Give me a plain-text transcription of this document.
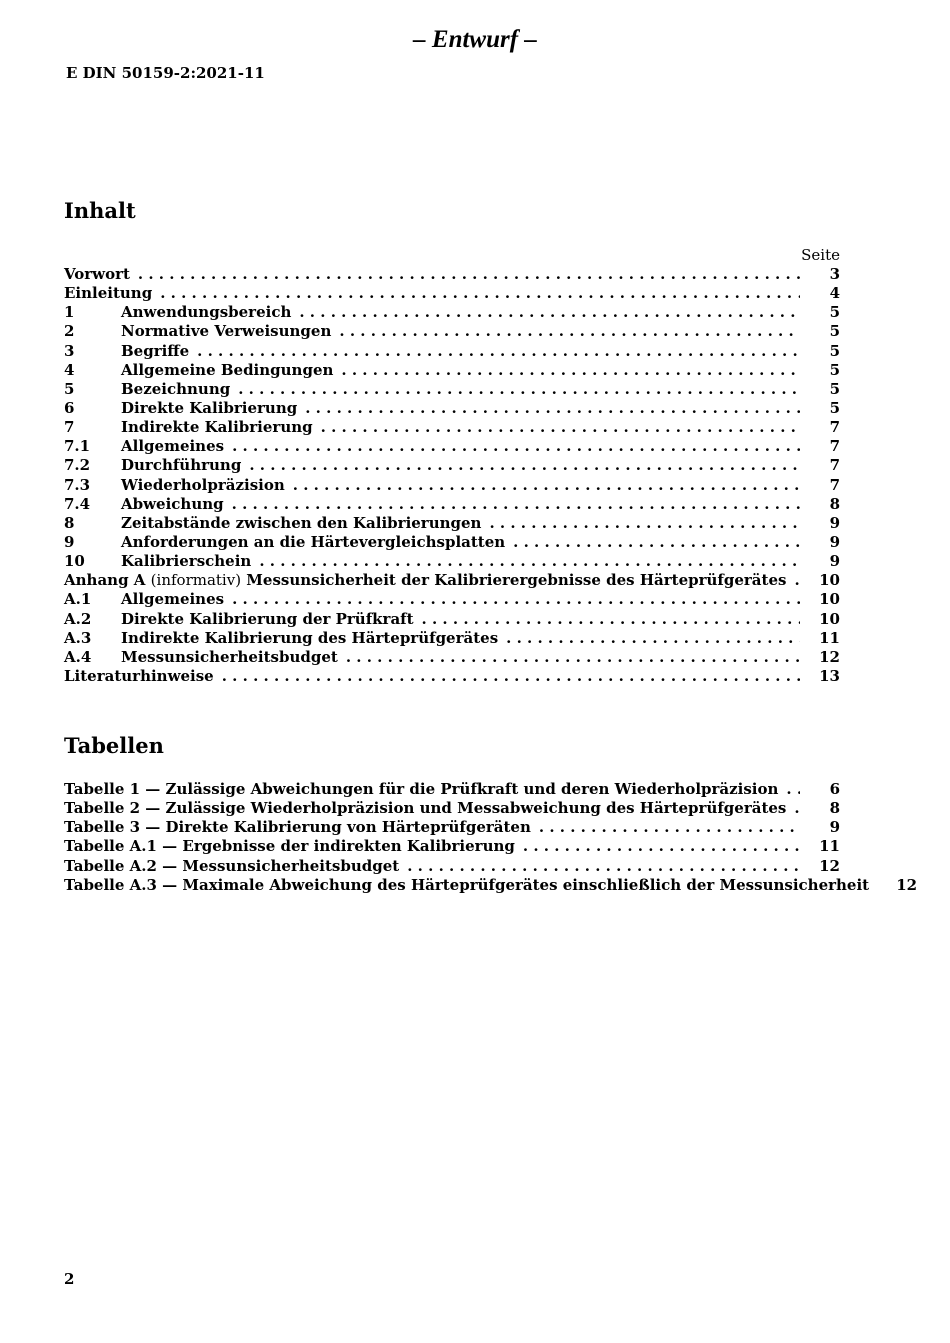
– Entwurf –
E DIN 50159-2:2021-11
Inhalt
Seite
Vorwort . . .	3
Einleitung . . .	4
1	Anwendungsbereich . . .	5
2	Normative Verweisungen . . .	5
3	Begriffe . . .	5
4	Allgemeine Bedingungen . . .	5
5	Bezeichnung . . .	5
6	Direkte Kalibrierung . . .	5
7	Indirekte Kalibrierung . . .	7
7.1	Allgemeines . . .	7
7.2	Durchführung . . .	7
7.3	Wiederholpräzision . . .	7
7.4	Abweichung . . .	8
8	Zeitabstände zwischen den Kalibrierungen . . .	9
9	Anforderungen an die Härtevergleichsplatten . . .	9
10	Kalibrierschein . . .	9
Anhang A (informativ) Messunsicherheit der Kalibrierergebnisse des Härteprüfgerätes . . .	10
A.1	Allgemeines . . .	10
A.2	Direkte Kalibrierung der Prüfkraft . . .	10
A.3	Indirekte Kalibrierung des Härteprüfgerätes . . .	11
A.4	Messunsicherheitsbudget . . .	12
Literaturhinweise . . .	13
Tabellen
Tabelle 1 — Zulässige Abweichungen für die Prüfkraft und deren Wiederholpräzision . . .	6
Tabelle 2 — Zulässige Wiederholpräzision und Messabweichung des Härteprüfgerätes . . .	8
Tabelle 3 — Direkte Kalibrierung von Härteprüfgeräten . . .	9
Tabelle A.1 — Ergebnisse der indirekten Kalibrierung . . .	11
Tabelle A.2 — Messunsicherheitsbudget . . .	12
Tabelle A.3 — Maximale Abweichung des Härteprüfgerätes einschließlich der Messunsicherheit	12
2
